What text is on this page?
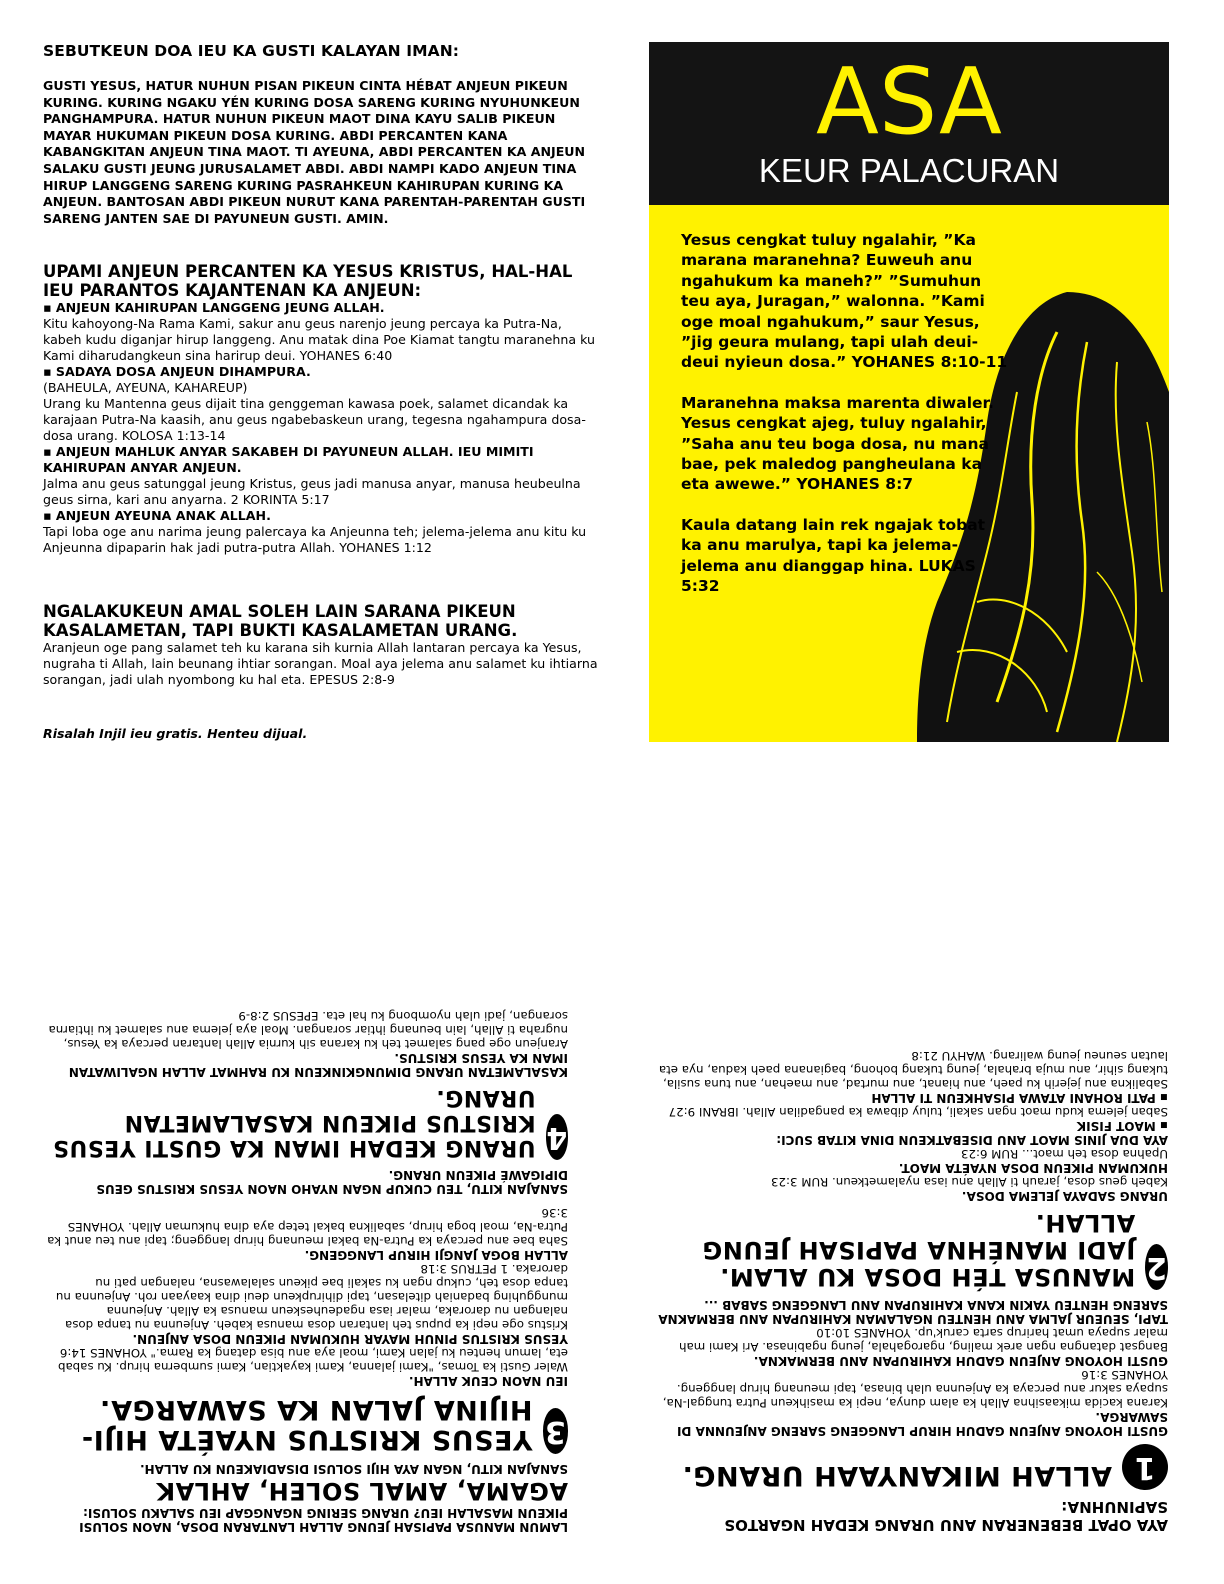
SEBUTKEUN DOA IEU KA GUSTI KALAYAN IMAN:
GUSTI YESUS, HATUR NUHUN PISAN PIKEUN CINTA HÉBAT ANJEUN PIKEUN KURING. KURING NGAKU YÉN KURING DOSA SARENG KURING NYUHUNKEUN PANGHAMPURA. HATUR NUHUN PIKEUN MAOT DINA KAYU SALIB PIKEUN MAYAR HUKUMAN PIKEUN DOSA KURING. ABDI PERCANTEN KANA KABANGKITAN ANJEUN TINA MAOT. TI AYEUNA, ABDI PERCANTEN KA ANJEUN SALAKU GUSTI JEUNG JURUSALAMET ABDI. ABDI NAMPI KADO ANJEUN TINA HIRUP LANGGENG SARENG KURING PASRAHKEUN KAHIRUPAN KURING KA ANJEUN. BANTOSAN ABDI PIKEUN NURUT KANA PARENTAH-PARENTAH GUSTI SARENG JANTEN SAE DI PAYUNEUN GUSTI. AMIN.
UPAMI ANJEUN PERCANTEN KA YESUS KRISTUS, HAL-HAL IEU PARANTOS KAJANTENAN KA ANJEUN:
▪ ANJEUN KAHIRUPAN LANGGENG JEUNG ALLAH.
Kitu kahoyong-Na Rama Kami, sakur anu geus narenjo jeung percaya ka Putra-Na, kabeh kudu diganjar hirup langgeng. Anu matak dina Poe Kiamat tangtu maranehna ku Kami diharudangkeun sina harirup deui. YOHANES 6:40
▪ SADAYA DOSA ANJEUN DIHAMPURA.
(BAHEULA, AYEUNA, KAHAREUP)
Urang ku Mantenna geus dijait tina genggeman kawasa poek, salamet dicandak ka karajaan Putra-Na kaasih, anu geus ngabebaskeun urang, tegesna ngahampura dosa-dosa urang. KOLOSA 1:13-14
▪ ANJEUN MAHLUK ANYAR SAKABEH DI PAYUNEUN ALLAH. IEU MIMITI KAHIRUPAN ANYAR ANJEUN.
Jalma anu geus satunggal jeung Kristus, geus jadi manusa anyar, manusa heubeulna geus sirna, kari anu anyarna. 2 KORINTA 5:17
▪ ANJEUN AYEUNA ANAK ALLAH.
Tapi loba oge anu narima jeung palercaya ka Anjeunna teh; jelema-jelema anu kitu ku Anjeunna dipaparin hak jadi putra-putra Allah. YOHANES 1:12
NGALAKUKEUN AMAL SOLEH LAIN SARANA PIKEUN KASALAMETAN, TAPI BUKTI KASALAMETAN URANG.
Aranjeun oge pang salamet teh ku karana sih kurnia Allah lantaran percaya ka Yesus, nugraha ti Allah, lain beunang ihtiar sorangan. Moal aya jelema anu salamet ku ihtiarna sorangan, jadi ulah nyombong ku hal eta. EPESUS 2:8-9
Risalah Injil ieu gratis. Henteu dijual.
ASA
KEUR PALACURAN

Yesus cengkat tuluy ngalahir, ”Ka marana maranehna? Euweuh anu ngahukum ka maneh?” ”Sumuhun teu aya, Juragan,” walonna. ”Kami oge moal ngahukum,” saur Yesus, ”jig geura mulang, tapi ulah deui-deui nyieun dosa.” YOHANES 8:10-11

Maranehna maksa marenta diwaler. Yesus cengkat ajeg, tuluy ngalahir, ”Saha anu teu boga dosa, nu mana bae, pek maledog pangheulana ka eta awewe.” YOHANES 8:7

Kaula datang lain rek ngajak tobat ka anu marulya, tapi ka jelema-jelema anu dianggap hina. LUKAS 5:32

LAMUN MANUSA PAPISAH JEUNG ALLAH LANTARAN DOSA, NAON SOLUSI PIKEUN MASALAH IEU? URANG SERING NGANGGAP IEU SALAKU SOLUSI:
AGAMA, AMAL SOLEH, AHLAK
SANAJAN KITU, NGAN AYA HIJI SOLUSI DISADIAKEUN KU ALLAH.
3
YESUS KRISTUS NYAÉTA HIJI-HIJINA JALAN KA SAWARGA.
IEU NAON CEUK ALLAH.
Waler Gusti ka Tomas, "Kami jalanna, Kami kayaktian, Kami sumberna hirup. Ku sabab eta, lamun henteu ku jalan Kami, moal aya anu bisa datang ka Rama." YOHANES 14:6
YESUS KRISTUS PINUH MAYAR HUKUMAN PIKEUN DOSA ANJEUN.
Kristus oge nepi ka pupus teh lantaran dosa manusa kabeh. Anjeunna nu tanpa dosa nalangan nu daroraka, malar iasa ngadeuheskeun manusa ka Allah. Anjeunna mungguhing badaniah ditelasan, tapi dihirupkeun deui dina kaayaan roh. Anjeunna nu tanpa dosa teh, cukup ngan ku sakali bae pikeun salalawasna, nalangan pati nu daroraka. 1 PETRUS 3:18
ALLAH BOGA JANGJI HIRUP LANGGENG.
Saha bae anu percaya ka Putra-Na bakal meunang hirup langgeng; tapi anu teu anut ka Putra-Na, moal boga hirup, sabalikna bakal tetep aya dina hukuman Allah. YOHANES 3:36
SANAJAN KITU, TEU CUKUP NGAN NYAHO NAON YESUS KRISTUS GEUS DIPIGAWÉ PIKEUN URANG.
4
URANG KEDAH IMAN KA GUSTI YESUS KRISTUS PIKEUN KASALAMETAN URANG.
KASALAMETAN URANG DIMUNGKINKEUN KU RAHMAT ALLAH NGALIWATAN IMAN KA YESUS KRISTUS.
Aranjeun oge pang salamet teh ku karana sih kurnia Allah lantaran percaya ka Yesus, nugraha ti Allah, lain beunang ihtiar sorangan. Moal aya jelema anu salamet ku ihtiarna sorangan, jadi ulah nyombong ku hal eta. EPESUS 2:8-9
AYA OPAT BEBENERAN ANU URANG KEDAH NGARTOS SAPINUHNA:
1
ALLAH MIKANYAAH URANG.
GUSTI HOYONG ANJEUN GADUH HIRUP LANGGENG SARENG ANJEUNNA DI SAWARGA.
Karana kacida mikaasihna Allah ka alam dunya, nepi ka masihkeun Putra tunggal-Na, supaya sakur anu percaya ka Anjeunna ulah binasa, tapi meunang hirup langgeng. YOHANES 3:16
GUSTI HOYONG ANJEUN GADUH KAHIRUPAN ANU BERMAKNA.
Bangsat datangna ngan arek maling, ngarogahala, jeung ngabinasa. Ari Kami mah malar supaya umat harirup sarta caruk'up. YOHANES 10:10
TAPI, SEUEUR JALMA ANU HENTEU NGALAMAN KAHIRUPAN ANU BERMAKNA SARENG HENTEU YAKIN KANA KAHIRUPAN ANU LANGGENG SABAB ...
2
MANUSA TÉH DOSA KU ALAM. JADI MANÉHNA PAPISAH JEUNG ALLAH.
URANG SADAYA JELEMA DOSA.
Kabeh geus dosa, jarauh ti Allah anu iasa nyalametkeun. RUM 3:23
HUKUMAN PIKEUN DOSA NYAÉTA MAOT.
Upahna dosa teh maot... RUM 6:23
AYA DUA JINIS MAOT ANU DISEBATKEUN DINA KITAB SUCI:
▪ MAOT FISIK
Saban jelema kudu maot ngan sakali, tuluy dibawa ka pangadilan Allah. IBRANI 9:27
▪ PATI ROHANI ATAWA PISAHKEUN TI ALLAH
Sabalikna anu jejerih ku paeh, anu hianat, anu murtad, anu maehan, anu tuna susila, tukang sihir, anu muja brahala, jeung tukang bohong, bagianana paeh kadua, nya eta lautan seuneu jeung walirang. WAHYU 21:8
